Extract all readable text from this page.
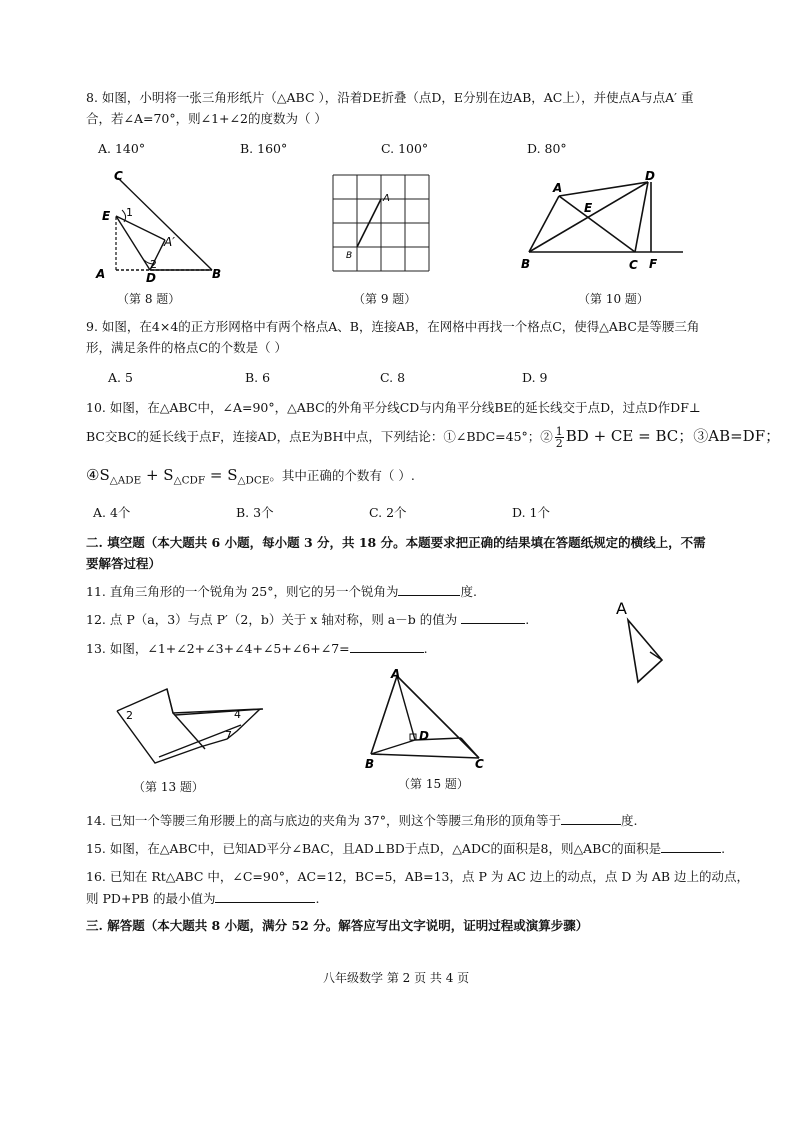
8. 如图，小明将一张三角形纸片（△ABC ），沿着DE折叠（点D，E分别在边AB，AC上），并使点A与点A′ 重
合，若∠A=70°，则∠1+∠2的度数为（ ）
A. 140°	B. 160°	C. 100°	D. 80°
C
E 1
A′
A
2
D	B
（第 8 题）
A
B
（第 9 题）
A
D
E
B	C F
（第 10 题）
9. 如图，在4×4的正方形网格中有两个格点A、B，连接AB，在网格中再找一个格点C，使得△ABC是等腰三角
形，满足条件的格点C的个数是（ ）
A. 5	B. 6	C. 8	D. 9
10. 如图，在△ABC中，∠A=90°，△ABC的外角平分线CD与内角平分线BE的延长线交于点D，过点D作DF⊥
BC交BC的延长线于点F，连接AD，点E为BH中点，下列结论：①∠BDC=45°；② $\frac{1}{2}$ BD + CE = BC；③AB=DF；
$④S_{\triangle ADE} + S_{\triangle CDF} = S_{\triangle DCE}$。其中正确的个数有（ ）.
A. 4个	B. 3个	C. 2个	D. 1个
二. 填空题（本大题共 6 小题，每小题 3 分，共 18 分。本题要求把正确的结果填在答题纸规定的横线上，不需
要解答过程）
11. 直角三角形的一个锐角为 25°，则它的另一个锐角为	度.
12. 点 P（a，3）与点 P′（2，b）关于 x 轴对称，则 a－b 的值为	.
13. 如图，∠1+∠2+∠3+∠4+∠5+∠6+∠7=	.
A
2	4
7
（第 13 题）
A
D
B	C
（第 15 题）
14. 已知一个等腰三角形腰上的高与底边的夹角为 37°，则这个等腰三角形的顶角等于	度.
15. 如图，在△ABC中，已知AD平分∠BAC，且AD⊥BD于点D，△ADC的面积是8，则△ABC的面积是	.
16. 已知在 Rt△ABC 中，∠C=90°，AC=12，BC=5，AB=13，点 P 为 AC 边上的动点，点 D 为 AB 边上的动点，
则 PD+PB 的最小值为	.
三. 解答题（本大题共 8 小题，满分 52 分。解答应写出文字说明，证明过程或演算步骤）
八年级数学 第 2 页 共 4 页
